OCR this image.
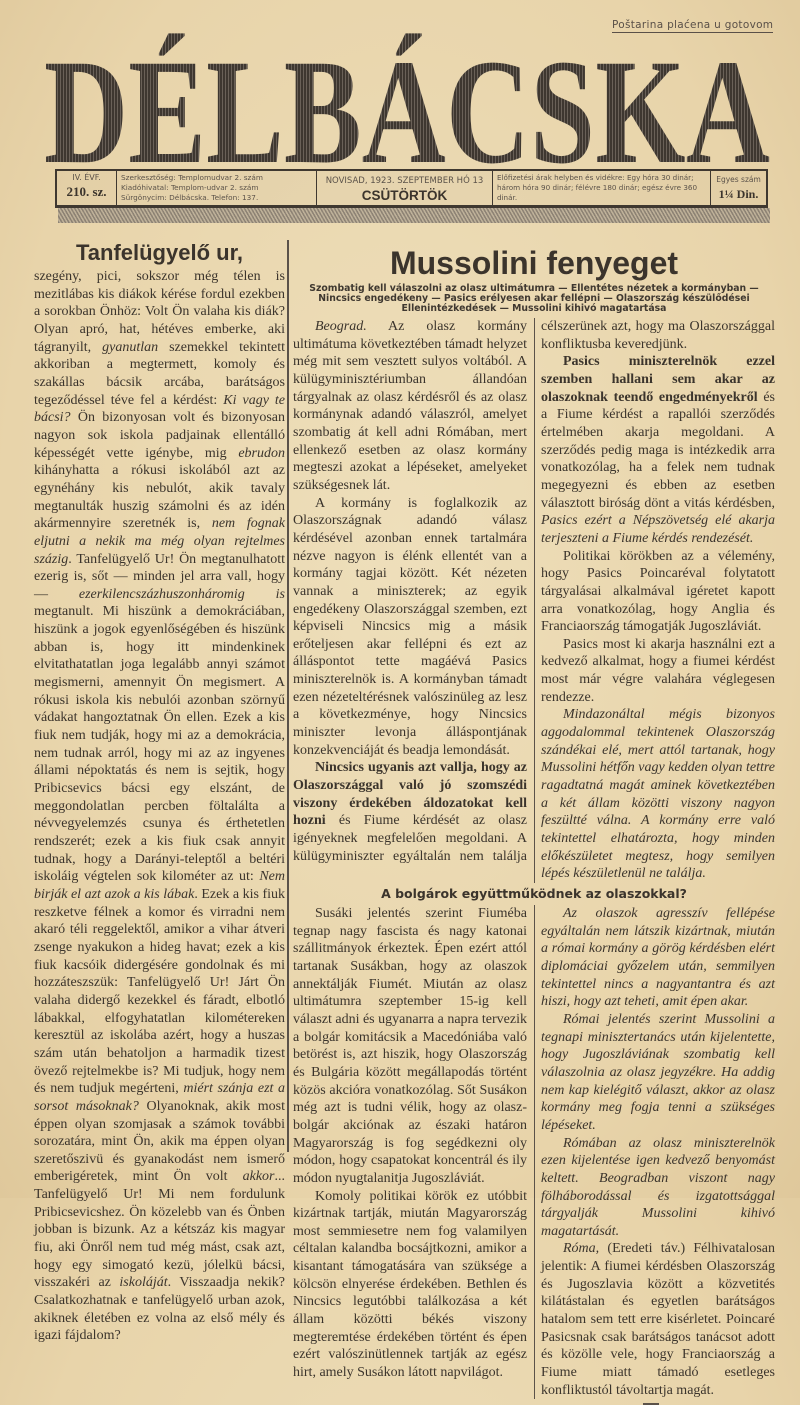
Poštarina plaćena u gotovom
DÉLBÁCSKA
IV. ÉVF.
210. sz.
Szerkesztőség: Templomudvar 2. szám
Kiadóhivatal: Templom-udvar 2. szám
Sürgönycim: Délbácska. Telefon: 137.
NOVISAD, 1923. SZEPTEMBER HÓ 13
CSÜTÖRTÖK
Előfizetési árak helyben és vidékre: Egy hóra 30 dinár; három hóra 90 dinár; félévre 180 dinár; egész évre 360 dinár.
Egyes szám
1¼ Din.
Tanfelügyelő ur,

szegény, pici, sokszor még télen is mezitlábas kis diákok kérése fordul ezekben a sorokban Önhöz: Volt Ön valaha kis diák? Olyan apró, hat, hétéves emberke, aki tágranyilt, gyanutlan szemekkel tekintett akkoriban a megtermett, komoly és szakállas bácsik arcába, barátságos tegeződéssel téve fel a kérdést: Ki vagy te bácsi? Ön bizonyosan volt és bizonyosan nagyon sok iskola padjainak ellentálló képességét vette igénybe, mig ebrudon kihányhatta a rókusi iskolából azt az egynéhány kis nebulót, akik tavaly megtanulták huszig számolni és az idén akármennyire szeretnék is, nem fognak eljutni a nekik ma még olyan rejtelmes százig. Tanfelügyelő Ur! Ön megtanulhatott ezerig is, sőt — minden jel arra vall, hogy — ezerkilencszázhuszonháromig is megtanult. Mi hiszünk a demokráciában, hiszünk a jogok egyenlőségében és hiszünk abban is, hogy itt mindenkinek elvitathatatlan joga legalább annyi számot megismerni, amennyit Ön megismert. A rókusi iskola kis nebulói azonban szörnyű vádakat hangoztatnak Ön ellen. Ezek a kis fiuk nem tudják, hogy mi az a demokrácia, nem tudnak arról, hogy mi az az ingyenes állami népoktatás és nem is sejtik, hogy Pribicsevics bácsi egy elszánt, de meggondolatlan percben föltalálta a névvegyelemzés csunya és érthetetlen rendszerét; ezek a kis fiuk csak annyit tudnak, hogy a Darányi-teleptől a beltéri iskoláig végtelen sok kilométer az ut: Nem birják el azt azok a kis lábak. Ezek a kis fiuk reszketve félnek a komor és virradni nem akaró téli reggelektől, amikor a vihar átveri zsenge nyakukon a hideg havat; ezek a kis fiuk kacsóik didergésére gondolnak és mi hozzáteszszük: Tanfelügyelő Ur! Járt Ön valaha didergő kezekkel és fáradt, elbotló lábakkal, elfogyhatatlan kilométereken keresztül az iskolába azért, hogy a huszas szám után behatoljon a harmadik tizest övező rejtelmekbe is? Mi tudjuk, hogy nem és nem tudjuk megérteni, miért szánja ezt a sorsot másoknak? Olyanoknak, akik most éppen olyan szomjasak a számok további sorozatára, mint Ön, akik ma éppen olyan szeretőszivü és gyanakodást nem ismerő emberigéretek, mint Ön volt akkor... Tanfelügyelő Ur! Mi nem fordulunk Pribicsevicshez. Ön közelebb van és Önben jobban is bizunk. Az a kétszáz kis magyar fiu, aki Önről nem tud még mást, csak azt, hogy egy simogató kezü, jólelkü bácsi, visszakéri az iskoláját. Visszaadja nekik? Csalatkozhatnak e tanfelügyelő urban azok, akiknek életében ez volna az első mély és igazi fájdalom?

Mussolini fenyeget
Szombatig kell válaszolni az olasz ultimátumra — Ellentétes nézetek a kormányban — Nincsics engedékeny — Pasics erélyesen akar fellépni — Olaszország készülődései Ellenintézkedések — Mussolini kihivó magatartása

Beograd. Az olasz kormány ultimátuma következtében támadt helyzet még mit sem vesztett sulyos voltából. A külügyminisztériumban állandóan tárgyalnak az olasz kérdésről és az olasz kormánynak adandó válaszról, amelyet szombatig át kell adni Rómában, mert ellenkező esetben az olasz kormány megteszi azokat a lépéseket, amelyeket szükségesnek lát.

A kormány is foglalkozik az Olaszországnak adandó válasz kérdésével azonban ennek tartalmára nézve nagyon is élénk ellentét van a kormány tagjai között. Két nézeten vannak a miniszterek; az egyik engedékeny Olaszországgal szemben, ezt képviseli Nincsics mig a másik erőteljesen akar fellépni és ezt az álláspontot tette magáévá Pasics miniszterelnök is. A kormányban támadt ezen nézeteltérésnek valószinüleg az lesz a következménye, hogy Nincsics miniszter levonja álláspontjának konzekvenciáját és beadja lemondását.

Nincsics ugyanis azt vallja, hogy az Olaszországgal való jó szomszédi viszony érdekében áldozatokat kell hozni és Fiume kérdését az olasz igényeknek megfelelően megoldani. A külügyminiszter egyáltalán nem találja célszerünek azt, hogy ma Olaszországgal konfliktusba keveredjünk.

Pasics miniszterelnök ezzel szemben hallani sem akar az olaszoknak teendő engedményekről és a Fiume kérdést a rapallói szerződés értelmében akarja megoldani. A szerződés pedig maga is intézkedik arra vonatkozólag, ha a felek nem tudnak megegyezni és ebben az esetben választott biróság dönt a vitás kérdésben, Pasics ezért a Népszövetség elé akarja terjeszteni a Fiume kérdés rendezését.

Politikai körökben az a vélemény, hogy Pasics Poincaréval folytatott tárgyalásai alkalmával igéretet kapott arra vonatkozólag, hogy Anglia és Franciaország támogatják Jugoszláviát.

Pasics most ki akarja használni ezt a kedvező alkalmat, hogy a fiumei kérdést most már végre valahára véglegesen rendezze.

Mindazonáltal mégis bizonyos aggodalommal tekintenek Olaszország szándékai elé, mert attól tartanak, hogy Mussolini hétfőn vagy kedden olyan tettre ragadtatná magát aminek következtében a két állam közötti viszony nagyon feszültté válna. A kormány erre való tekintettel elhatározta, hogy minden előkészületet megtesz, hogy semilyen lépés készületlenül ne találja.

A bolgárok együttműködnek az olaszokkal?

Susáki jelentés szerint Fiuméba tegnap nagy fascista és nagy katonai szállitmányok érkeztek. Épen ezért attól tartanak Susákban, hogy az olaszok annektálják Fiumét. Miután az olasz ultimátumra szeptember 15-ig kell választ adni és ugyanarra a napra tervezik a bolgár komitácsik a Macedóniába való betörést is, azt hiszik, hogy Olaszország és Bulgária között megállapodás történt közös akcióra vonatkozólag. Sőt Susákon még azt is tudni vélik, hogy az olasz-bolgár akciónak az északi határon Magyarország is fog segédkezni oly módon, hogy csapatokat koncentrál és ily módon nyugtalanitja Jugoszláviát.

Komoly politikai körök ez utóbbit kizártnak tartják, miután Magyarország most semmiesetre nem fog valamilyen céltalan kalandba bocsájtkozni, amikor a kisantant támogatására van szüksége a kölcsön elnyerése érdekében. Bethlen és Nincsics legutóbbi találkozása a két állam közötti békés viszony megteremtése érdekében történt és épen ezért valószinütlennek tartják az egész hirt, amely Susákon látott napvilágot.

Az olaszok agresszív fellépése egyáltalán nem látszik kizártnak, miután a római kormány a görög kérdésben elért diplomáciai győzelem után, semmilyen tekintettel nincs a nagyantantra és azt hiszi, hogy azt teheti, amit épen akar.

Római jelentés szerint Mussolini a tegnapi minisztertanács után kijelentette, hogy Jugoszláviának szombatig kell válaszolnia az olasz jegyzékre. Ha addig nem kap kielégitő választ, akkor az olasz kormány meg fogja tenni a szükséges lépéseket.

Rómában az olasz miniszterelnök ezen kijelentése igen kedvező benyomást keltett. Beogradban viszont nagy fölháborodással és izgatottsággal tárgyalják Mussolini kihivó magatartását.

Róma, (Eredeti táv.) Félhivatalosan jelentik: A fiumei kérdésben Olaszország és Jugoszlavia között a közvetités kilátástalan és egyetlen barátságos hatalom sem tett erre kisérletet. Poincaré Pasicsnak csak barátságos tanácsot adott és közölle vele, hogy Franciaország a Fiume miatt támadó esetleges konfliktustól távoltartja magát.
